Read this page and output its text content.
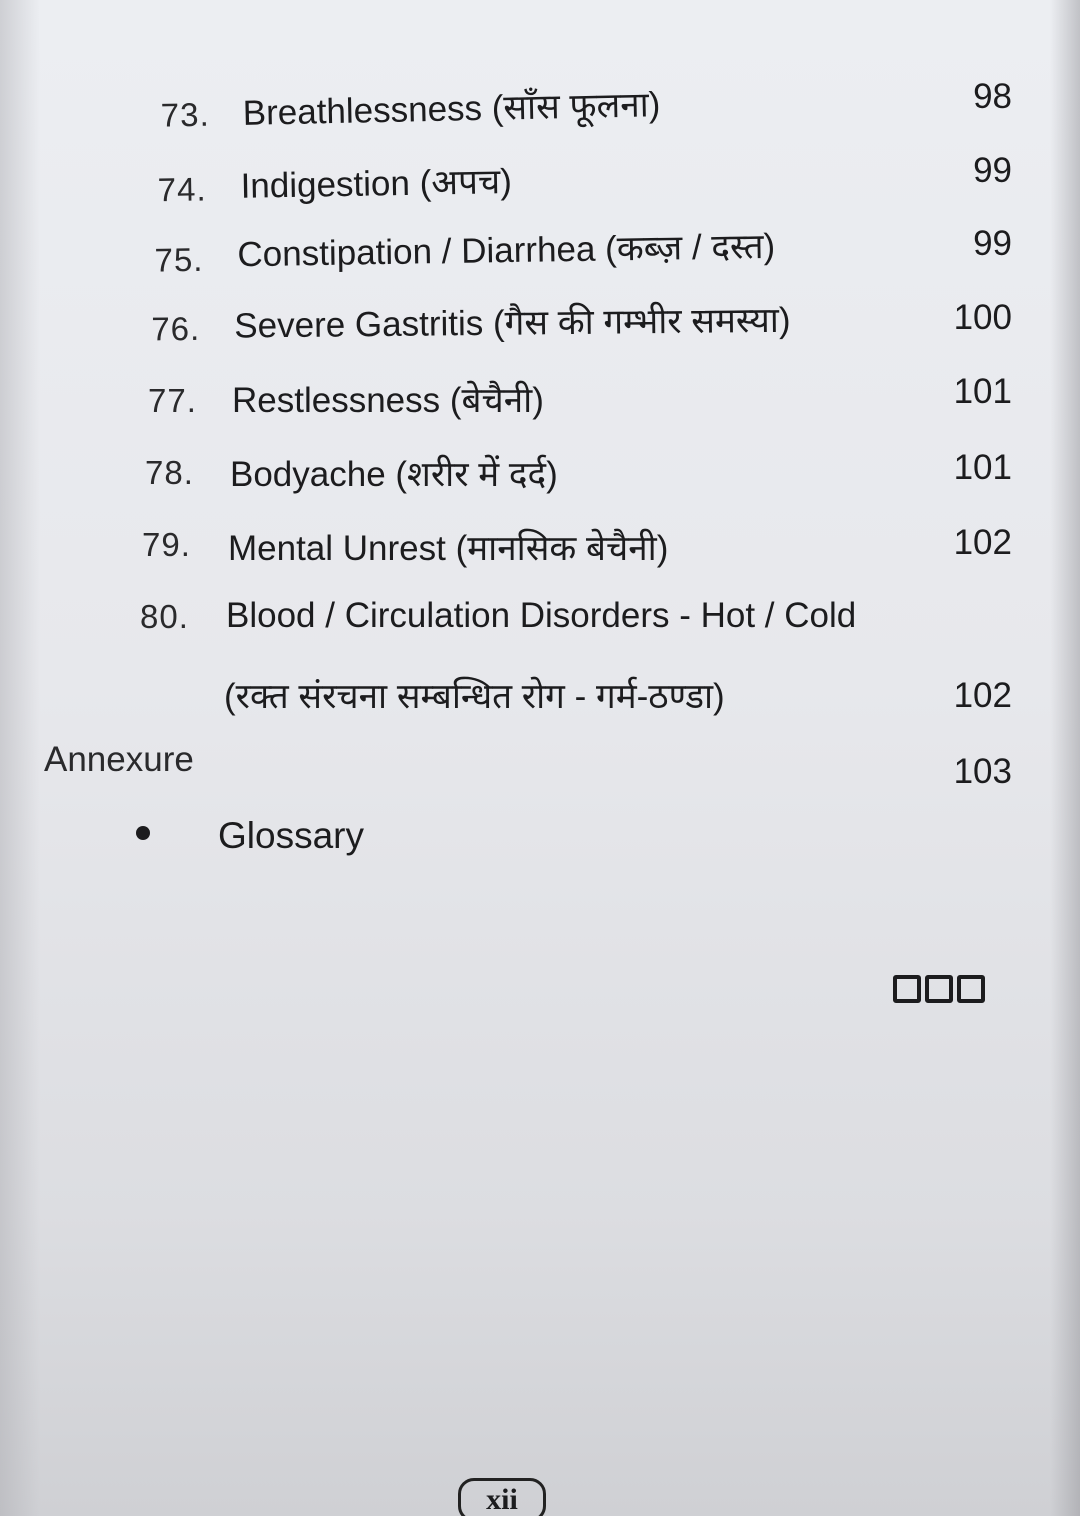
73. Breathlessness (साँस फूलना)	98
74. Indigestion (अपच)	99
75. Constipation / Diarrhea (कब्ज़ / दस्त)	99
76. Severe Gastritis (गैस की गम्भीर समस्या)	100
77. Restlessness (बेचैनी)	101
78. Bodyache (शरीर में दर्द)	101
79. Mental Unrest (मानसिक बेचैनी)	102
80. Blood / Circulation Disorders - Hot / Cold
(रक्त संरचना सम्बन्धित रोग - गर्म-ठण्डा)	102
Annexure	103
Glossary
xii
